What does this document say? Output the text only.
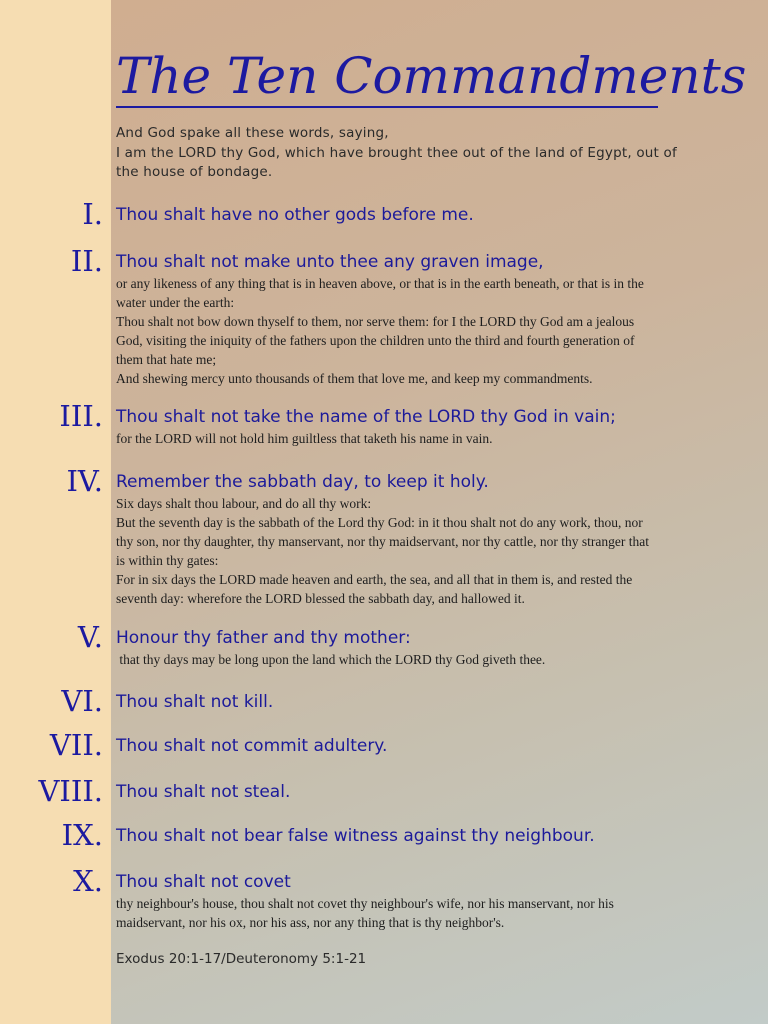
The Ten Commandments
And God spake all these words, saying,
I am the LORD thy God, which have brought thee out of the land of Egypt, out of
the house of bondage.
I. Thou shalt have no other gods before me.
II. Thou shalt not make unto thee any graven image,
or any likeness of any thing that is in heaven above, or that is in the earth beneath, or that is in the
water under the earth:
Thou shalt not bow down thyself to them, nor serve them: for I the LORD thy God am a jealous
God, visiting the iniquity of the fathers upon the children unto the third and fourth generation of
them that hate me;
And shewing mercy unto thousands of them that love me, and keep my commandments.
III. Thou shalt not take the name of the LORD thy God in vain;
for the LORD will not hold him guiltless that taketh his name in vain.
IV. Remember the sabbath day, to keep it holy.
Six days shalt thou labour, and do all thy work:
But the seventh day is the sabbath of the Lord thy God: in it thou shalt not do any work, thou, nor
thy son, nor thy daughter, thy manservant, nor thy maidservant, nor thy cattle, nor thy stranger that
is within thy gates:
For in six days the LORD made heaven and earth, the sea, and all that in them is, and rested the
seventh day: wherefore the LORD blessed the sabbath day, and hallowed it.
V. Honour thy father and thy mother:
that thy days may be long upon the land which the LORD thy God giveth thee.
VI. Thou shalt not kill.
VII. Thou shalt not commit adultery.
VIII. Thou shalt not steal.
IX. Thou shalt not bear false witness against thy neighbour.
X. Thou shalt not covet
thy neighbour's house, thou shalt not covet thy neighbour's wife, nor his manservant, nor his
maidservant, nor his ox, nor his ass, nor any thing that is thy neighbor's.
Exodus 20:1-17/Deuteronomy 5:1-21
